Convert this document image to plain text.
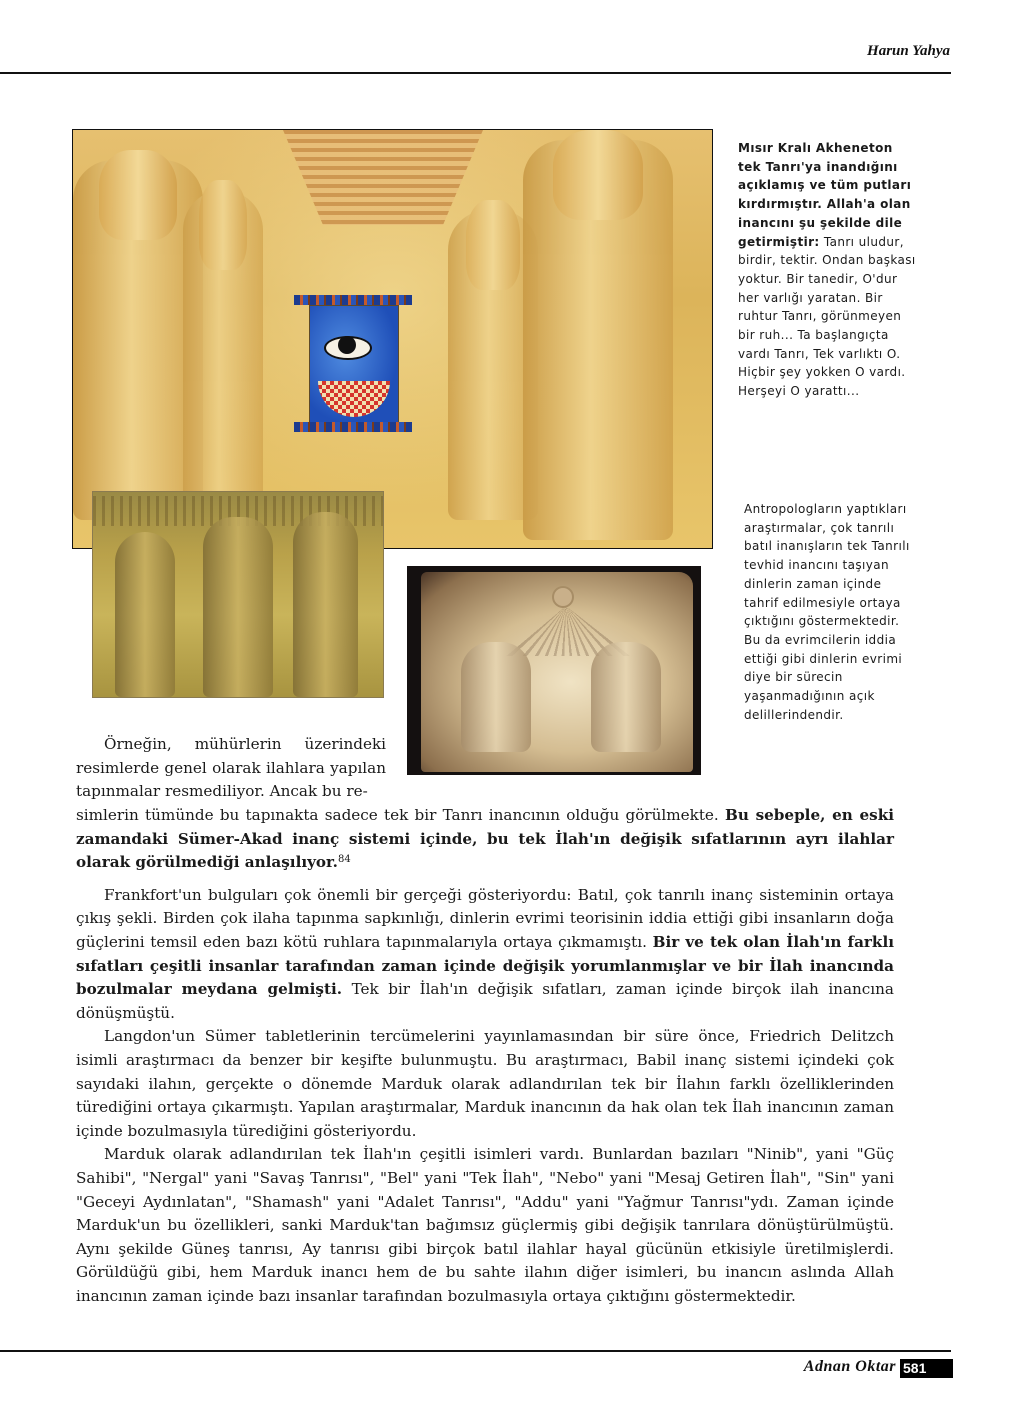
Harun Yahya
Mısır Kralı Akheneton tek Tanrı'ya inandığını açıklamış ve tüm putları kırdırmıştır. Allah'a olan inancını şu şekilde dile getirmiştir: Tanrı uludur, birdir, tektir. Ondan başkası yoktur. Bir tanedir, O'dur her varlığı yaratan. Bir ruhtur Tanrı, görünmeyen bir ruh... Ta başlangıçta vardı Tanrı, Tek varlıktı O. Hiçbir şey yokken O vardı. Herşeyi O yarattı...
Antropologların yaptıkları araştırmalar, çok tanrılı batıl inanışların tek Tanrılı tevhid inancını taşıyan dinlerin zaman içinde tahrif edilmesiyle ortaya çıktığını göstermektedir. Bu da evrimcilerin iddia ettiği gibi dinlerin evrimi diye bir sürecin yaşanmadığının açık delillerindendir.

Örneğin, mühürlerin üzerindeki resimlerde genel olarak ilahlara yapılan tapınmalar resmediliyor. Ancak bu re-

simlerin tümünde bu tapınakta sadece tek bir Tanrı inancının olduğu görülmekte. Bu sebeple, en eski zamandaki Sümer-Akad inanç sistemi içinde, bu tek İlah'ın değişik sıfatlarının ayrı ilahlar olarak görülmediği anlaşılıyor.$^{84}$

Frankfort'un bulguları çok önemli bir gerçeği gösteriyordu: Batıl, çok tanrılı inanç sisteminin ortaya çıkış şekli. Birden çok ilaha tapınma sapkınlığı, dinlerin evrimi teorisinin iddia ettiği gibi insanların doğa güçlerini temsil eden bazı kötü ruhlara tapınmalarıyla ortaya çıkmamıştı. Bir ve tek olan İlah'ın farklı sıfatları çeşitli insanlar tarafından zaman içinde değişik yorumlanmışlar ve bir İlah inancında bozulmalar meydana gelmişti. Tek bir İlah'ın değişik sıfatları, zaman içinde birçok ilah inancına dönüşmüştü.

Langdon'un Sümer tabletlerinin tercümelerini yayınlamasından bir süre önce, Friedrich Delitzch isimli araştırmacı da benzer bir keşifte bulunmuştu. Bu araştırmacı, Babil inanç sistemi içindeki çok sayıdaki ilahın, gerçekte o dönemde Marduk olarak adlandırılan tek bir İlahın farklı özelliklerinden türediğini ortaya çıkarmıştı. Yapılan araştırmalar, Marduk inancının da hak olan tek İlah inancının zaman içinde bozulmasıyla türediğini gösteriyordu.

Marduk olarak adlandırılan tek İlah'ın çeşitli isimleri vardı. Bunlardan bazıları "Ninib", yani "Güç Sahibi", "Nergal" yani "Savaş Tanrısı", "Bel" yani "Tek İlah", "Nebo" yani "Mesaj Getiren İlah", "Sin" yani "Geceyi Aydınlatan", "Shamash" yani "Adalet Tanrısı", "Addu" yani "Yağmur Tanrısı"ydı. Zaman içinde Marduk'un bu özellikleri, sanki Marduk'tan bağımsız güçlermiş gibi değişik tanrılara dönüştürülmüştü. Aynı şekilde Güneş tanrısı, Ay tanrısı gibi birçok batıl ilahlar hayal gücünün etkisiyle üretilmişlerdi. Görüldüğü gibi, hem Marduk inancı hem de bu sahte ilahın diğer isimleri, bu inancın aslında Allah inancının zaman içinde bazı insanlar tarafından bozulmasıyla ortaya çıktığını göstermektedir.

Adnan Oktar 581
